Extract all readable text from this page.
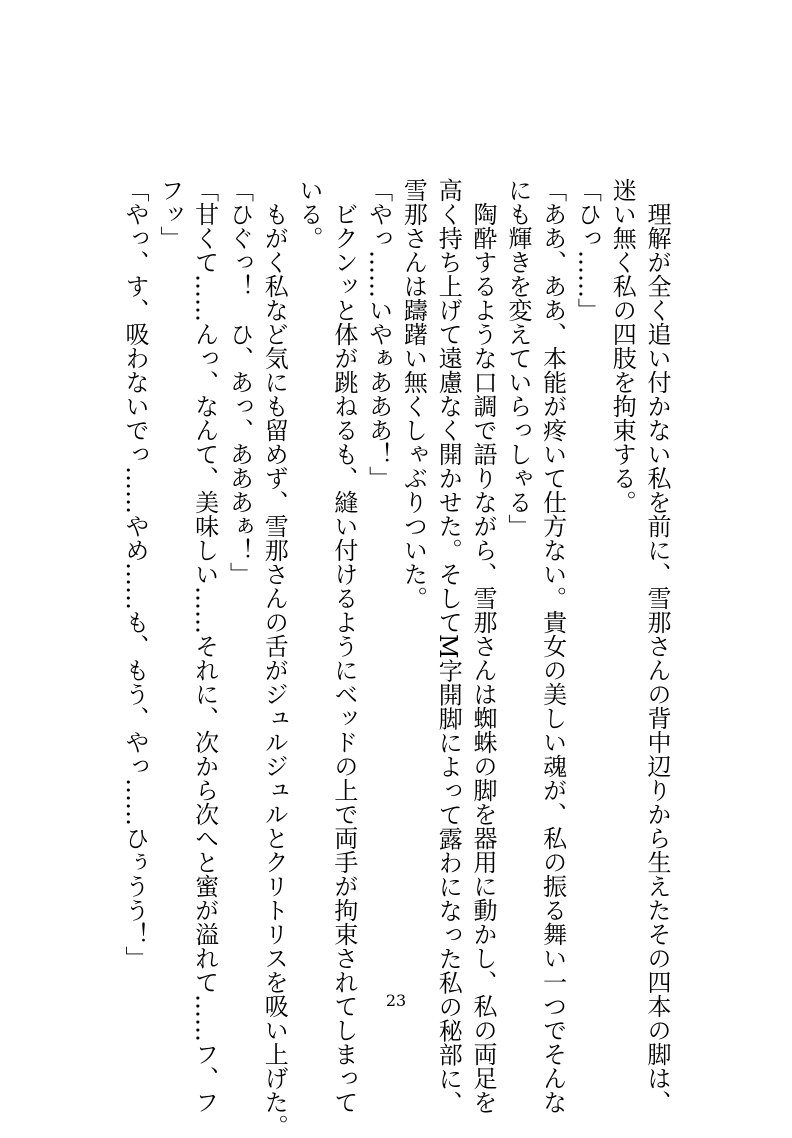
理解が全く追い付かない私を前に、雪那さんの背中辺りから生えたその四本の脚は、
迷い無く私の四肢を拘束する。
「ひっ……」
「ああ、ああ、本能が疼いて仕方ない。貴女の美しい魂が、私の振る舞い一つでそんな
にも輝きを変えていらっしゃる」
陶酔するような口調で語りながら、雪那さんは蜘蛛の脚を器用に動かし、私の両足を
高く持ち上げて遠慮なく開かせた。そしてM字開脚によって露わになった私の秘部に、
雪那さんは躊躇い無くしゃぶりついた。
「やっ……いやぁあああ！」
ビクンッと体が跳ねるも、縫い付けるようにベッドの上で両手が拘束されてしまって
いる。
もがく私など気にも留めず、雪那さんの舌がジュルジュルとクリトリスを吸い上げた。
「ひぐっ！　ひ、あっ、あああぁ！」
「甘くて……んっ、なんて、美味しい……それに、次から次へと蜜が溢れて……フ、フ
フッ」
「やっ、す、吸わないでっ……やめ……も、もう、やっ……ひぅうう！」
23
